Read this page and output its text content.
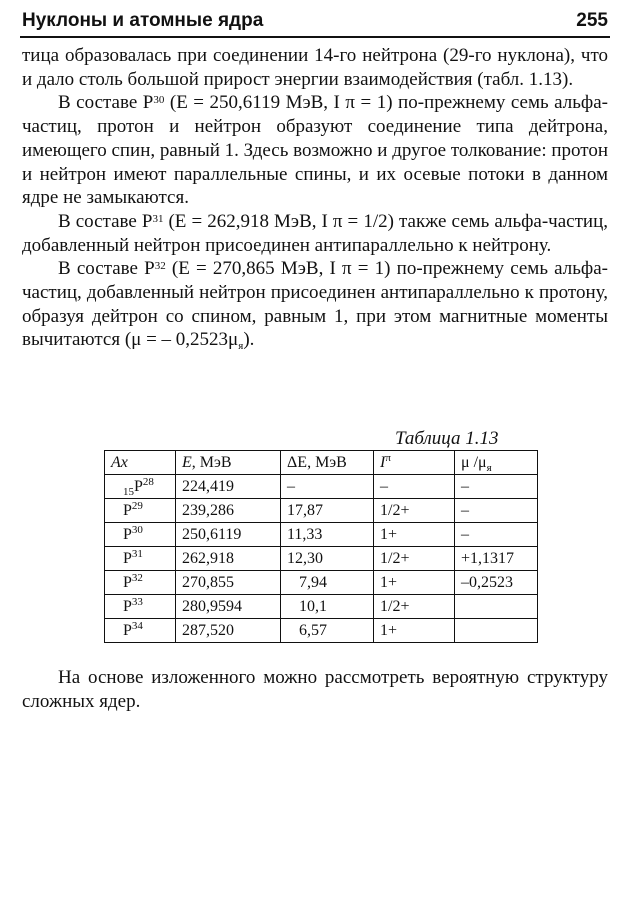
Нуклоны и атомные ядра	255

тица образовалась при соединении 14-го нейтрона (29-го нуклона), что и дало столь большой прирост энергии взаимодействия (табл. 1.13).

В составе $Р^{30}$ (Е = 250,6119 МэВ, I π = 1) по-прежнему семь альфа-частиц, протон и нейтрон образуют соединение типа дейтрона, имеющего спин, равный 1. Здесь возможно и другое толкование: протон и нейтрон имеют параллельные спины, и их осевые потоки в данном ядре не замыкаются.

В составе $Р^{31}$ (E = 262,918 МэВ, I π = 1/2) также семь альфа-частиц, добавленный нейтрон присоединен антипараллельно к нейтрону.

В составе $Р^{32}$ (E = 270,865 МэВ, I π = 1) по-прежнему семь альфа-частиц, добавленный нейтрон присоединен антипараллельно к протону, образуя дейтрон со спином, равным 1, при этом магнитные моменты вычитаются (μ = – $0,2523\mu_я$).

Таблица 1.13
Ax	E, МэВ	ΔE, МэВ	$I^\pi$	μ $/\mu_я$
$_{15}P^{28}$	224,419	–	–	–
$P^{29}$	239,286	17,87	1/2+	–
$P^{30}$	250,6119	11,33	1+	–
$P^{31}$	262,918	12,30	1/2+	+1,1317
$P^{32}$	270,855	7,94	1+	–0,2523
$P^{33}$	280,9594	10,1	1/2+	
$P^{34}$	287,520	6,57	1+	

На основе изложенного можно рассмотреть вероятную структуру сложных ядер.
